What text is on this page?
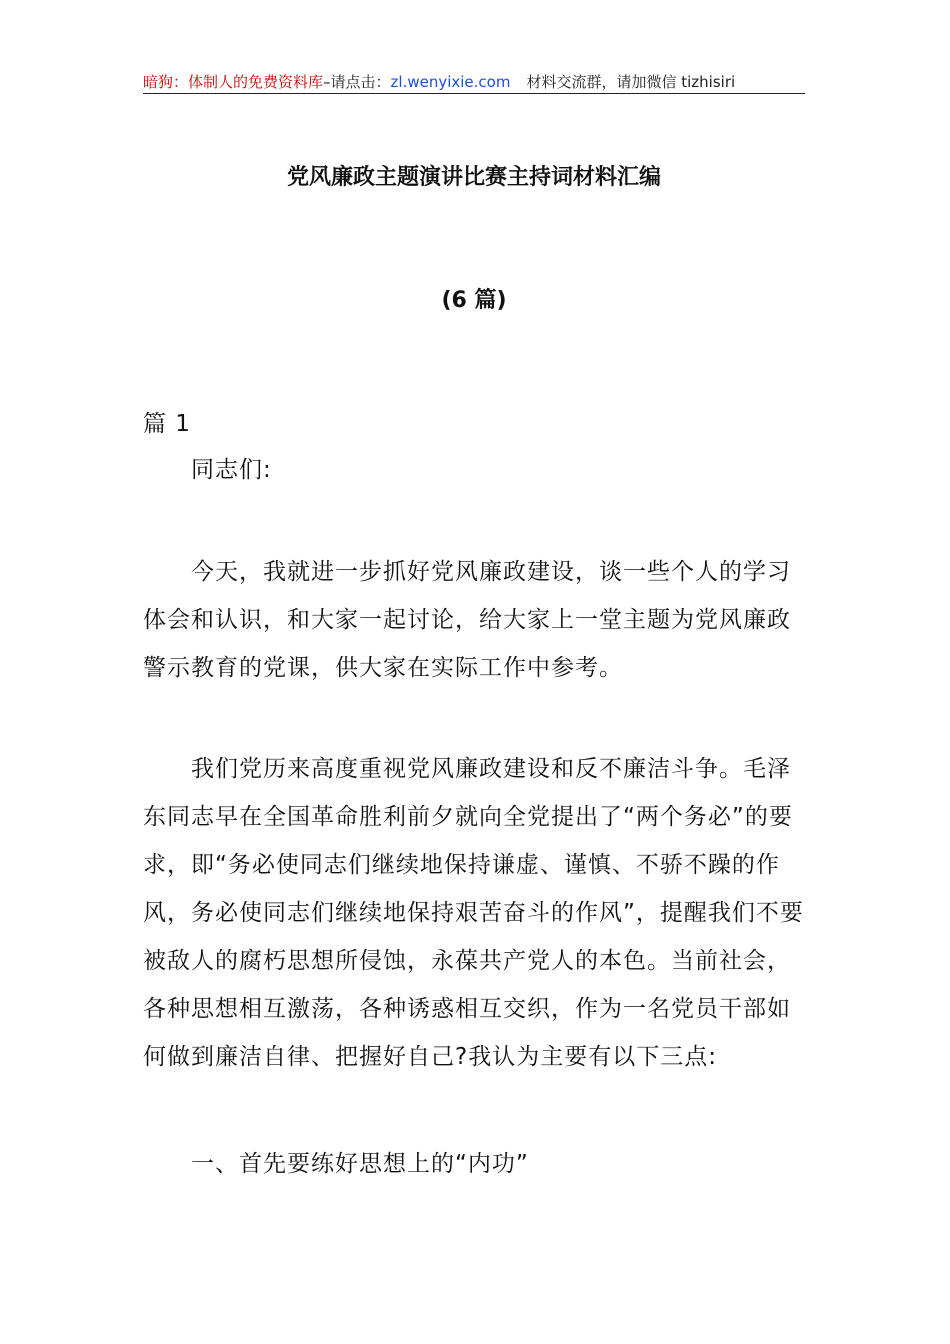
暗狗：体制人的免费资料库–请点击：zl.wenyixie.com 材料交流群，请加微信 tizhisiri
党风廉政主题演讲比赛主持词材料汇编
(6 篇)

篇 1

同志们:

今天，我就进一步抓好党风廉政建设，谈一些个人的学习体会和认识，和大家一起讨论，给大家上一堂主题为党风廉政警示教育的党课，供大家在实际工作中参考。

我们党历来高度重视党风廉政建设和反不廉洁斗争。毛泽东同志早在全国革命胜利前夕就向全党提出了“两个务必”的要求，即“务必使同志们继续地保持谦虚、谨慎、不骄不躁的作风，务必使同志们继续地保持艰苦奋斗的作风”，提醒我们不要被敌人的腐朽思想所侵蚀，永葆共产党人的本色。当前社会，各种思想相互激荡，各种诱惑相互交织，作为一名党员干部如何做到廉洁自律、把握好自己?我认为主要有以下三点:

一、首先要练好思想上的“内功”
